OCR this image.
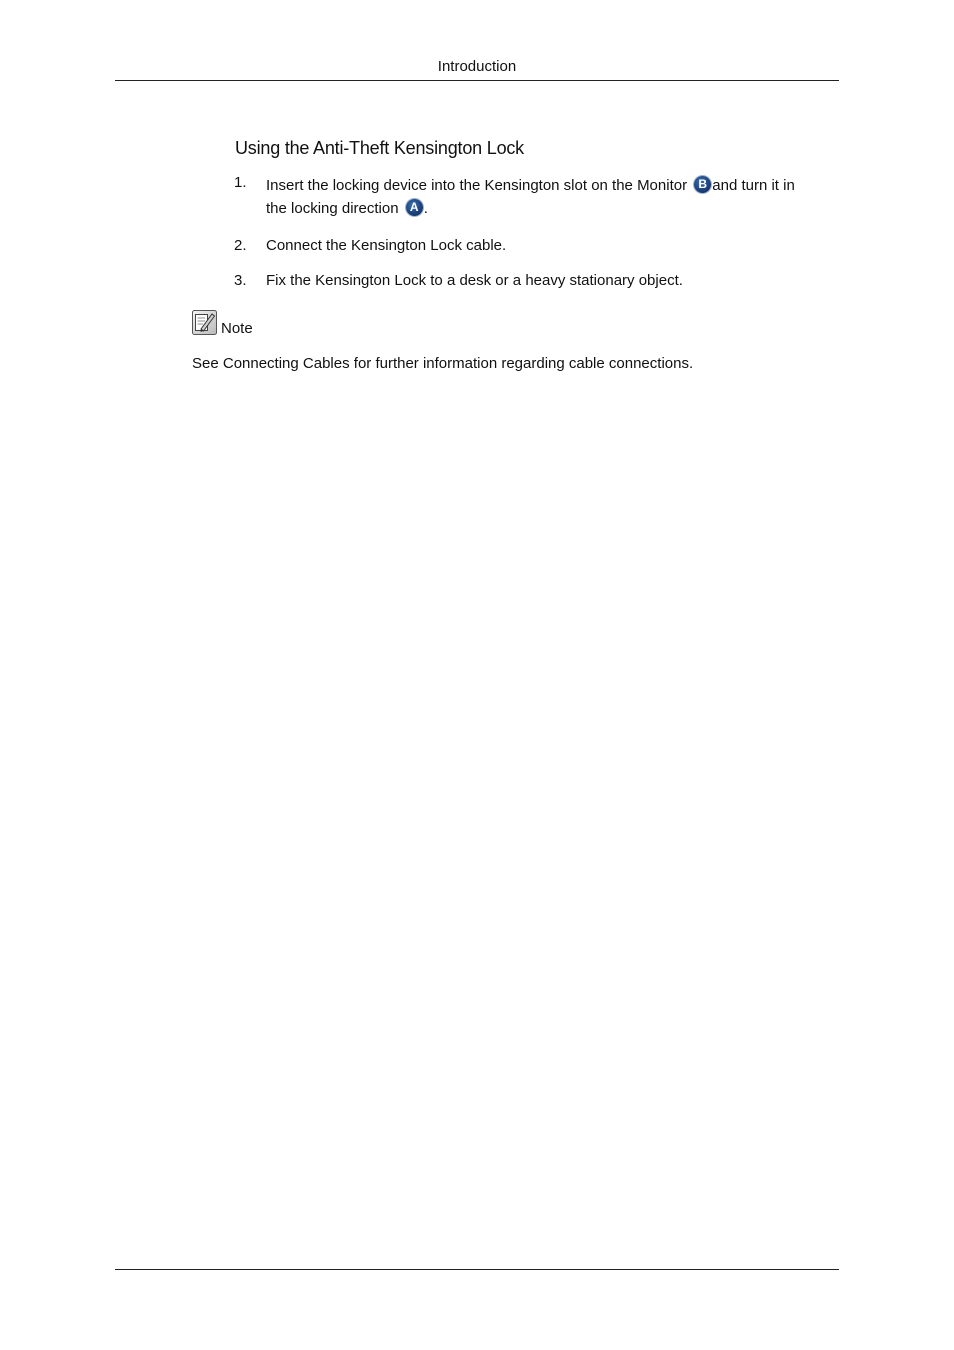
Introduction
Using the Anti-Theft Kensington Lock
1.	Insert the locking device into the Kensington slot on the Monitor B and turn it in the locking direction A .
2.	Connect the Kensington Lock cable.
3.	Fix the Kensington Lock to a desk or a heavy stationary object.
Note
See Connecting Cables for further information regarding cable connections.
